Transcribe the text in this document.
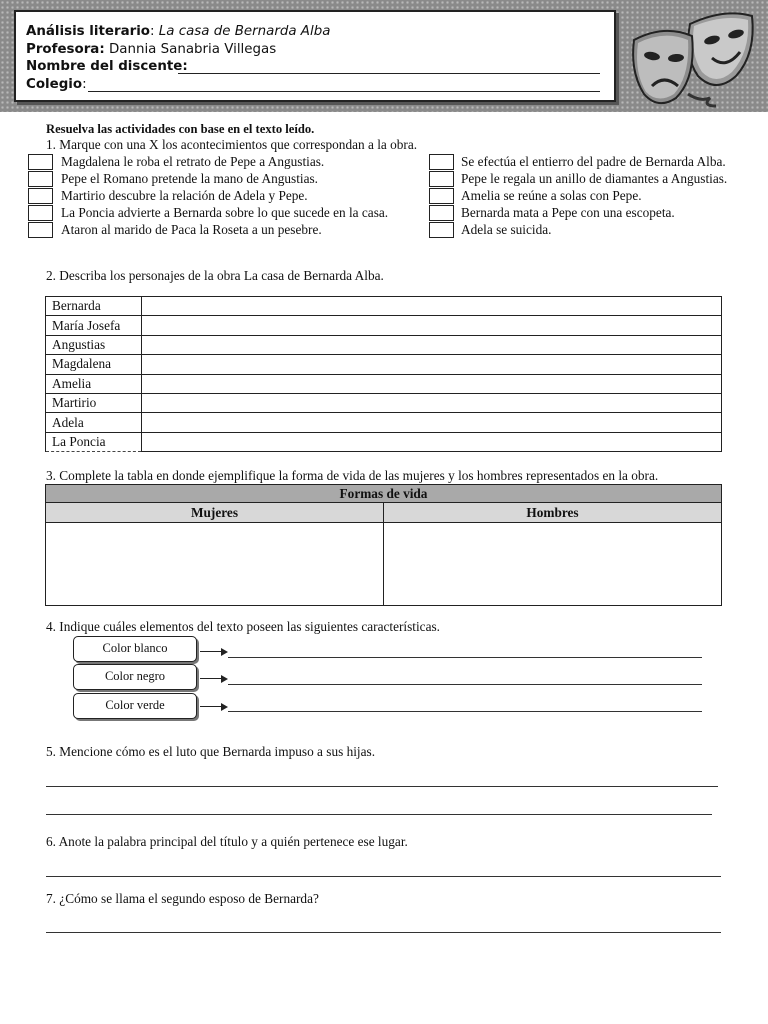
Análisis literario: La casa de Bernarda Alba
Profesora: Dannia Sanabria Villegas
Nombre del discente:
Colegio:
Resuelva las actividades con base en el texto leído.
1. Marque con una X los acontecimientos que correspondan a la obra.
Magdalena le roba el retrato de Pepe a Angustias.
Pepe el Romano pretende la mano de Angustias.
Martirio descubre la relación de Adela y Pepe.
La Poncia advierte a Bernarda sobre lo que sucede en la casa.
Ataron al marido de Paca la Roseta a un pesebre.
Se efectúa el entierro del padre de Bernarda Alba.
Pepe le regala un anillo de diamantes a Angustias.
Amelia se reúne a solas con Pepe.
Bernarda mata a Pepe con una escopeta.
Adela se suicida.
2. Describa los personajes de la obra La casa de Bernarda Alba.
Bernarda	
María Josefa	
Angustias	
Magdalena	
Amelia	
Martirio	
Adela	
La Poncia	
3. Complete la tabla en donde ejemplifique la forma de vida de las mujeres y los hombres representados en la obra.
Formas de vida	
Mujeres	Hombres

4. Indique cuáles elementos del texto poseen las siguientes características.
Color blanco
Color negro
Color verde
5. Mencione cómo es el luto que Bernarda impuso a sus hijas.
6. Anote la palabra principal del título y a quién pertenece ese lugar.
7. ¿Cómo se llama el segundo esposo de Bernarda?
